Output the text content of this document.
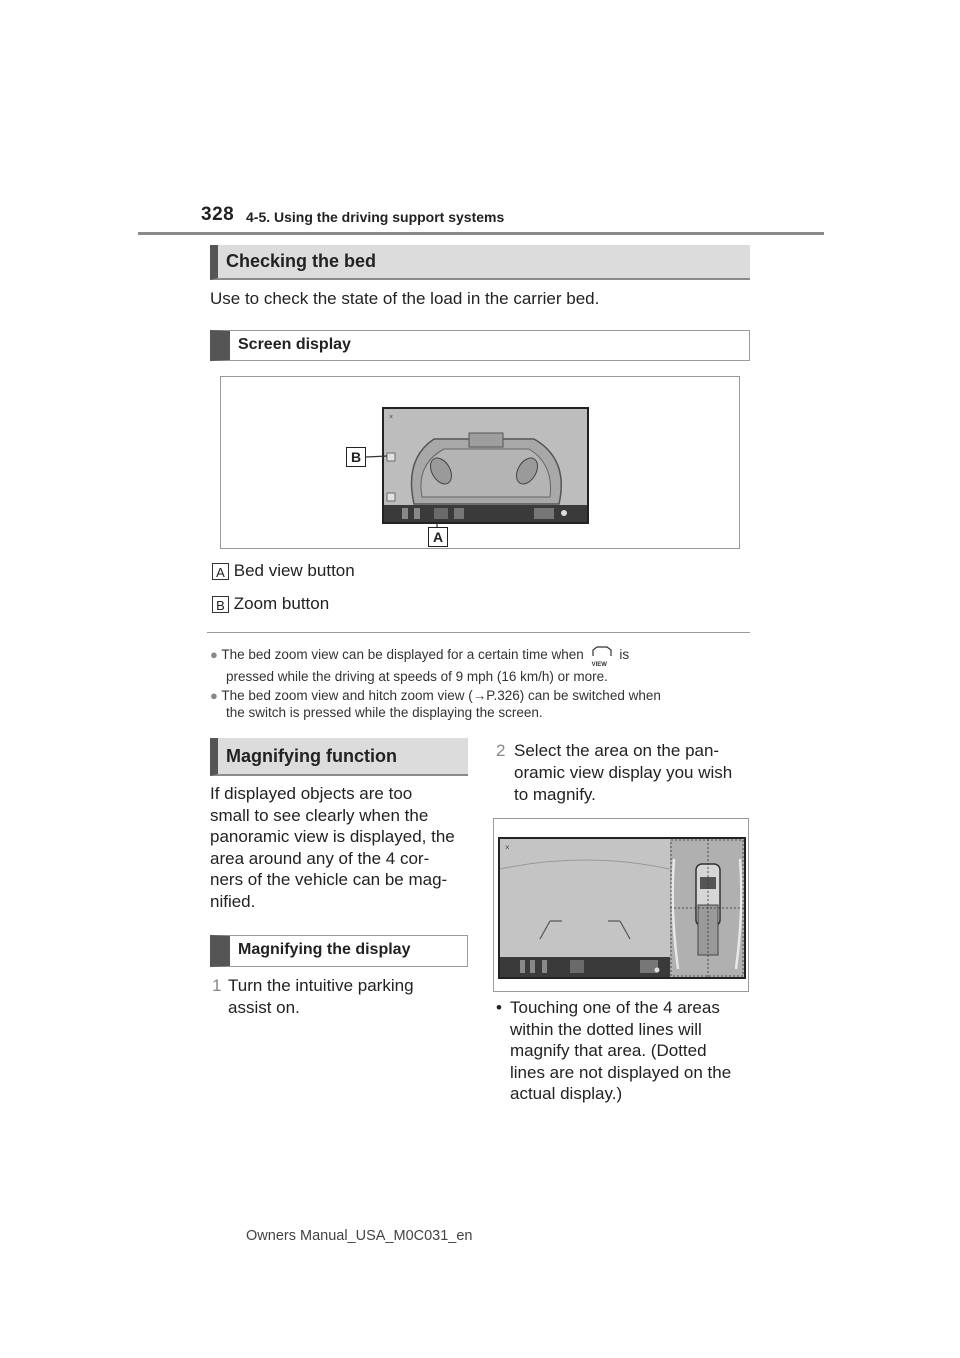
328 4-5. Using the driving support systems
Checking the bed
Use to check the state of the load in the carrier bed.
Screen display
×
B
A
A Bed view button
B Zoom button
● The bed zoom view can be displayed for a certain time when
VIEW
is
pressed while the driving at speeds of 9 mph (16 km/h) or more.
● The bed zoom view and hitch zoom view (→P.326) can be switched when
the switch is pressed while the displaying the screen.
Magnifying function
If displayed objects are too
small to see clearly when the
panoramic view is displayed, the
area around any of the 4 cor-
ners of the vehicle can be mag-
nified.
Magnifying the display
1 Turn the intuitive parking
assist on.
2 Select the area on the pan-
oramic view display you wish
to magnify.
×
• Touching one of the 4 areas
within the dotted lines will
magnify that area. (Dotted
lines are not displayed on the
actual display.)
Owners Manual_USA_M0C031_en
